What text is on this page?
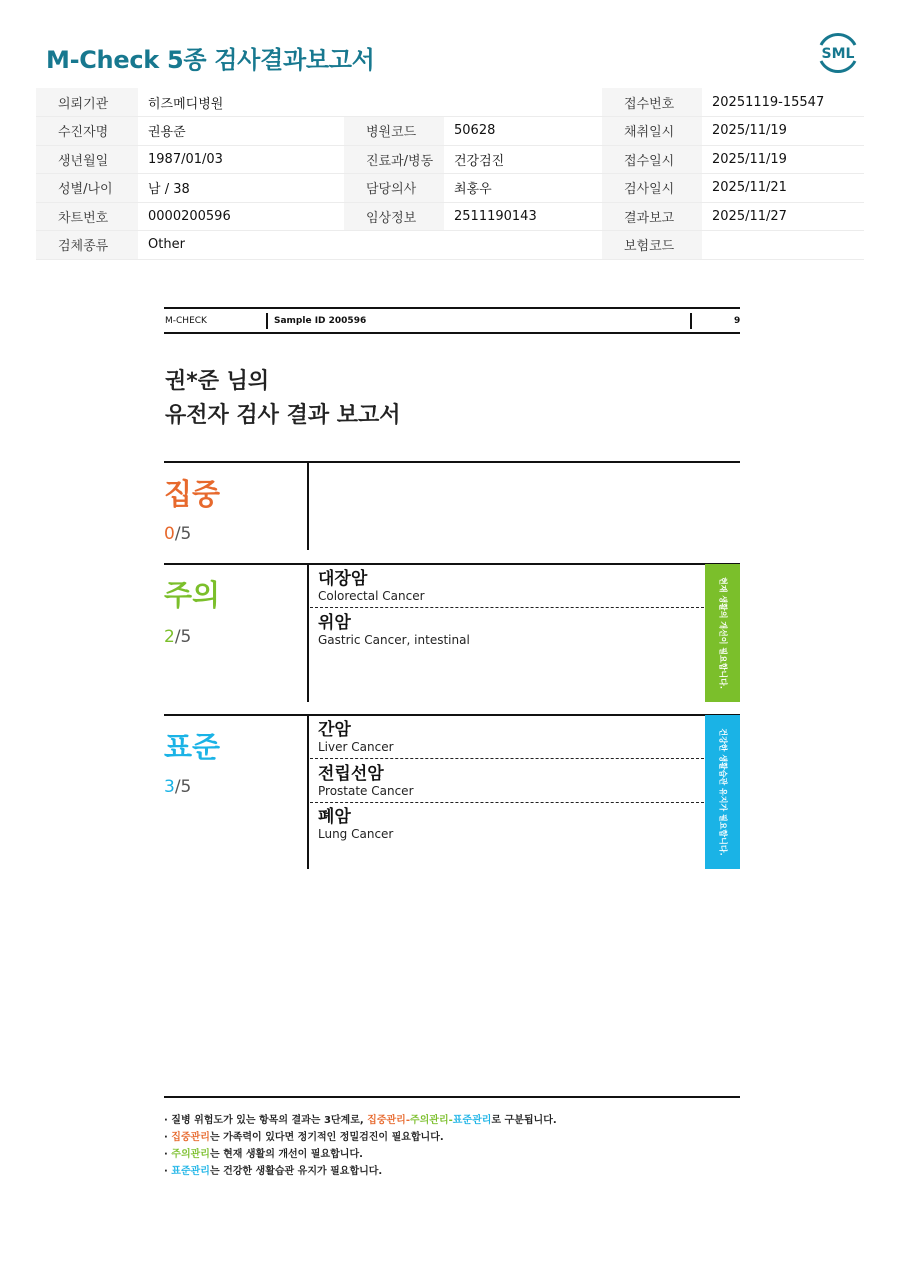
M-Check 5종 검사결과보고서	SML
의뢰기관	히즈메디병원			접수번호	20251119-15547
수진자명	권용준	병원코드	50628	채취일시	2025/11/19
생년월일	1987/01/03	진료과/병동	건강검진	접수일시	2025/11/19
성별/나이	남 / 38	담당의사	최홍우	검사일시	2025/11/21
차트번호	0000200596	임상정보	2511190143	결과보고	2025/11/27
검체종류	Other			보험코드	
M-CHECK	Sample ID 200596	9
권*준 님의
유전자 검사 결과 보고서
집중
0/5
주의
2/5
대장암
Colorectal Cancer
위암
Gastric Cancer, intestinal	현재 생활의 개선이 필요합니다.
표준
3/5
간암
Liver Cancer
전립선암
Prostate Cancer
폐암
Lung Cancer	건강한 생활습관 유지가 필요합니다.
· 질병 위험도가 있는 항목의 결과는 3단계로, 집중관리-주의관리-표준관리로 구분됩니다.
· 집중관리는 가족력이 있다면 정기적인 정밀검진이 필요합니다.
· 주의관리는 현재 생활의 개선이 필요합니다.
· 표준관리는 건강한 생활습관 유지가 필요합니다.
